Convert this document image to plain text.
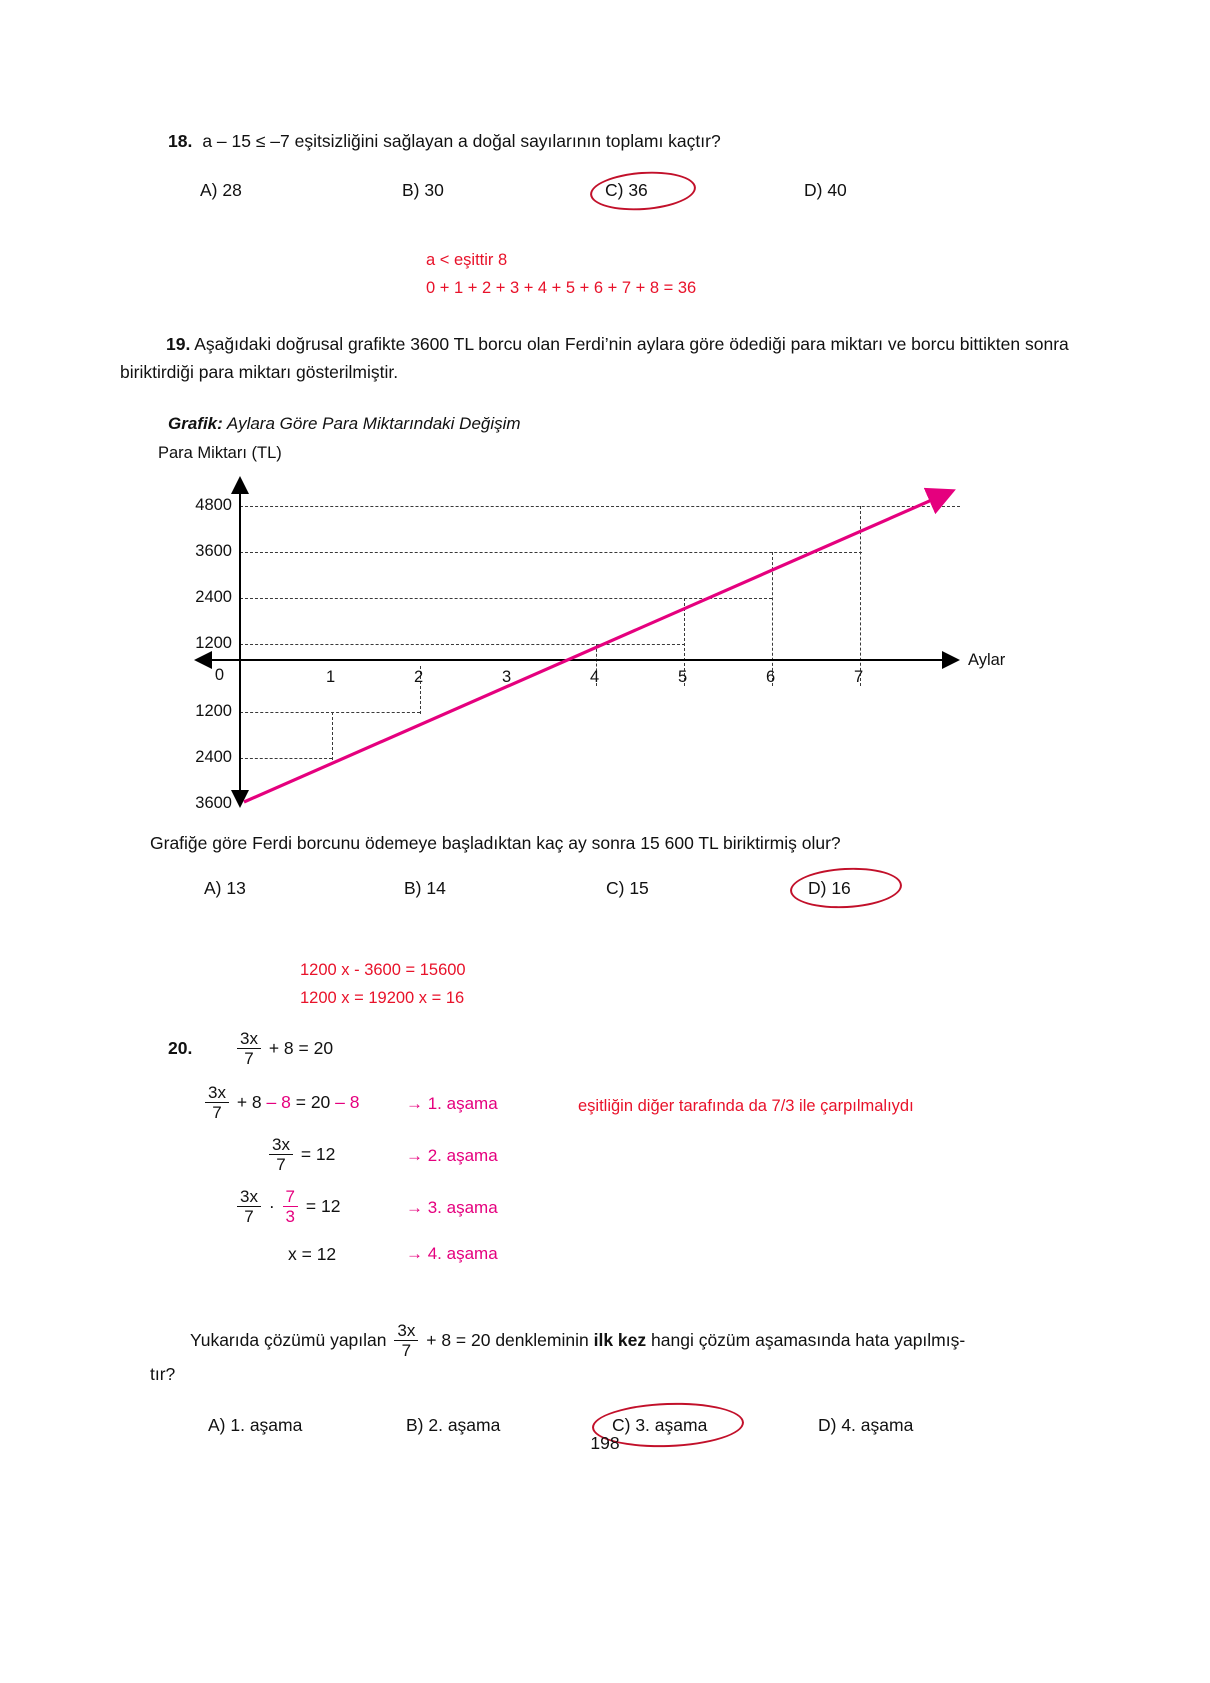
18. a – 15 ≤ –7 eşitsizliğini sağlayan a doğal sayılarının toplamı kaçtır?
A) 28	B) 30	C) 36	D) 40
a < eşittir 8
0 + 1 + 2 + 3 + 4 + 5 + 6 + 7 + 8 = 36
19. Aşağıdaki doğrusal grafikte 3600 TL borcu olan Ferdi’nin aylara göre ödediği para miktarı ve borcu bittikten sonra biriktirdiği para miktarı gösterilmiştir.
Grafik: Aylara Göre Para Miktarındaki Değişim
Para Miktarı (TL)
4800
3600
2400
1200
1200
2400
3600
0	1	2	3	4	5	6	7
Aylar
Grafiğe göre Ferdi borcunu ödemeye başladıktan kaç ay sonra 15 600 TL biriktirmiş olur?
A) 13	B) 14	C) 15	D) 16
1200 x - 3600 = 15600
1200 x = 19200 x = 16
20.	$\frac{3x}{7} + 8 = 20$
$\frac{3x}{7} + 8 - 8 = 20 - 8$	→ 1. aşama	eşitliğin diğer tarafında da 7/3 ile çarpılmalıydı
$\frac{3x}{7} = 12$	→ 2. aşama
$\frac{3x}{7} \cdot \frac{7}{3} = 12$	→ 3. aşama
x = 12	→ 4. aşama
Yukarıda çözümü yapılan $\frac{3x}{7} + 8 = 20$ denkleminin ilk kez hangi çözüm aşamasında hata yapılmış-
tır?
A) 1. aşama	B) 2. aşama	C) 3. aşama	D) 4. aşama
198
